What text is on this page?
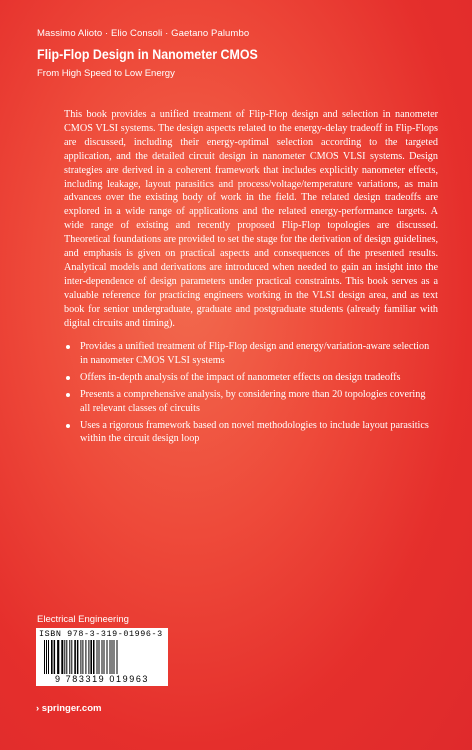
Massimo Alioto · Elio Consoli · Gaetano Palumbo
Flip-Flop Design in Nanometer CMOS
From High Speed to Low Energy

This book provides a unified treatment of Flip-Flop design and selection in nanometer CMOS VLSI systems. The design aspects related to the energy-delay tradeoff in Flip-Flops are discussed, including their energy-optimal selection according to the targeted application, and the detailed circuit design in nanometer CMOS VLSI systems. Design strategies are derived in a coherent framework that includes explicitly nanometer effects, including leakage, layout parasitics and process/voltage/temperature variations, as main advances over the existing body of work in the field. The related design tradeoffs are explored in a wide range of applications and the related energy-performance targets. A wide range of existing and recently proposed Flip-Flop topologies are discussed. Theoretical foundations are provided to set the stage for the derivation of design guidelines, and emphasis is given on practical aspects and consequences of the presented results. Analytical models and derivations are introduced when needed to gain an insight into the inter-dependence of design parameters under practical constraints. This book serves as a valuable reference for practicing engineers working in the VLSI design area, and as text book for senior undergraduate, graduate and postgraduate students (already familiar with digital circuits and timing).

Provides a unified treatment of Flip-Flop design and energy/variation-aware selection in nanometer CMOS VLSI systems
Offers in-depth analysis of the impact of nanometer effects on design tradeoffs
Presents a comprehensive analysis, by considering more than 20 topologies covering all relevant classes of circuits
Uses a rigorous framework based on novel methodologies to include layout parasitics within the circuit design loop
Electrical Engineering
ISBN 978-3-319-01996-3
9 783319 019963
› springer.com
